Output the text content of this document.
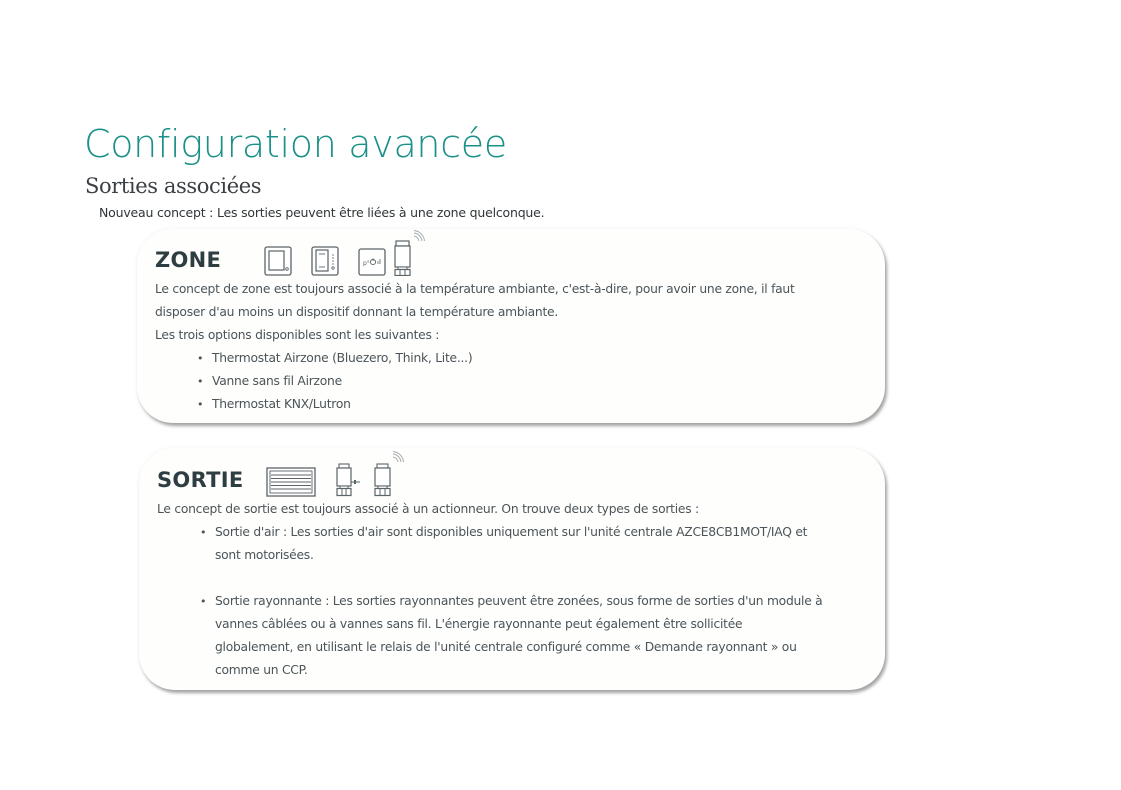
Configuration avancée
Sorties associées
Nouveau concept : Les sorties peuvent être liées à une zone quelconque.
ZONE	p°
Le concept de zone est toujours associé à la température ambiante, c'est-à-dire, pour avoir une zone, il faut
disposer d'au moins un dispositif donnant la température ambiante.
Les trois options disponibles sont les suivantes :
• Thermostat Airzone (Bluezero, Think, Lite...)
• Vanne sans fil Airzone
• Thermostat KNX/Lutron
SORTIE
Le concept de sortie est toujours associé à un actionneur. On trouve deux types de sorties :
• Sortie d'air : Les sorties d'air sont disponibles uniquement sur l'unité centrale AZCE8CB1MOT/IAQ et
sont motorisées.

• Sortie rayonnante : Les sorties rayonnantes peuvent être zonées, sous forme de sorties d'un module à
vannes câblées ou à vannes sans fil. L'énergie rayonnante peut également être sollicitée
globalement, en utilisant le relais de l'unité centrale configuré comme « Demande rayonnant » ou
comme un CCP.
